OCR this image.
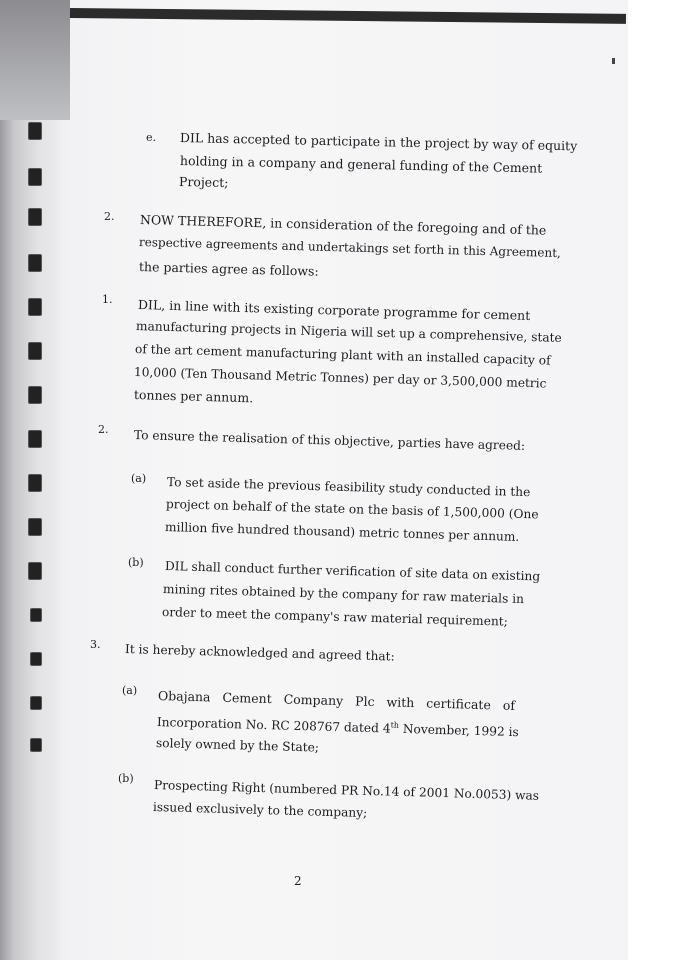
e. DIL has accepted to participate in the project by way of equity
holding in a company and general funding of the Cement
Project;
2. NOW THEREFORE, in consideration of the foregoing and of the
respective agreements and undertakings set forth in this Agreement,
the parties agree as follows:
1. DIL, in line with its existing corporate programme for cement
manufacturing projects in Nigeria will set up a comprehensive, state
of the art cement manufacturing plant with an installed capacity of
10,000 (Ten Thousand Metric Tonnes) per day or 3,500,000 metric
tonnes per annum.
2. To ensure the realisation of this objective, parties have agreed:
(a) To set aside the previous feasibility study conducted in the
project on behalf of the state on the basis of 1,500,000 (One
million five hundred thousand) metric tonnes per annum.
(b) DIL shall conduct further verification of site data on existing
mining rites obtained by the company for raw materials in
order to meet the company's raw material requirement;
3. It is hereby acknowledged and agreed that:
(a) Obajana Cement Company Plc with certificate of
Incorporation No. RC 208767 dated 4th November, 1992 is
solely owned by the State;
(b) Prospecting Right (numbered PR No.14 of 2001 No.0053) was
issued exclusively to the company;
2
